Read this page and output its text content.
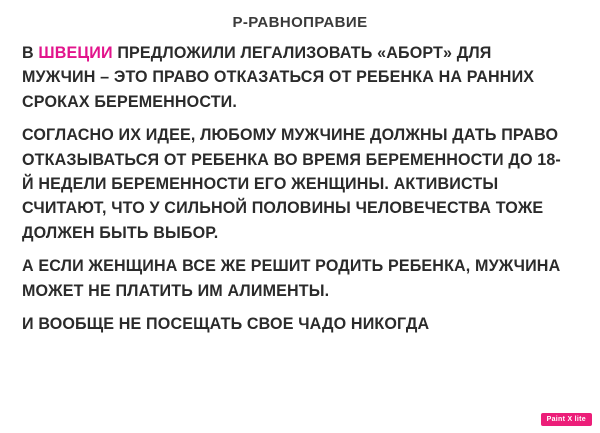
Р-РАВНОПРАВИЕ

В ШВЕЦИИ ПРЕДЛОЖИЛИ ЛЕГАЛИЗОВАТЬ «АБОРТ» ДЛЯ МУЖЧИН – ЭТО ПРАВО ОТКАЗАТЬСЯ ОТ РЕБЕНКА НА РАННИХ СРОКАХ БЕРЕМЕННОСТИ.

СОГЛАСНО ИХ ИДЕЕ, ЛЮБОМУ МУЖЧИНЕ ДОЛЖНЫ ДАТЬ ПРАВО ОТКАЗЫВАТЬСЯ ОТ РЕБЕНКА ВО ВРЕМЯ БЕРЕМЕННОСТИ ДО 18-Й НЕДЕЛИ БЕРЕМЕННОСТИ ЕГО ЖЕНЩИНЫ. АКТИВИСТЫ СЧИТАЮТ, ЧТО У СИЛЬНОЙ ПОЛОВИНЫ ЧЕЛОВЕЧЕСТВА ТОЖЕ ДОЛЖЕН БЫТЬ ВЫБОР.

А ЕСЛИ ЖЕНЩИНА ВСЕ ЖЕ РЕШИТ РОДИТЬ РЕБЕНКА, МУЖЧИНА МОЖЕТ НЕ ПЛАТИТЬ ИМ АЛИМЕНТЫ.

И ВООБЩЕ НЕ ПОСЕЩАТЬ СВОЕ ЧАДО НИКОГДА

Paint X lite
